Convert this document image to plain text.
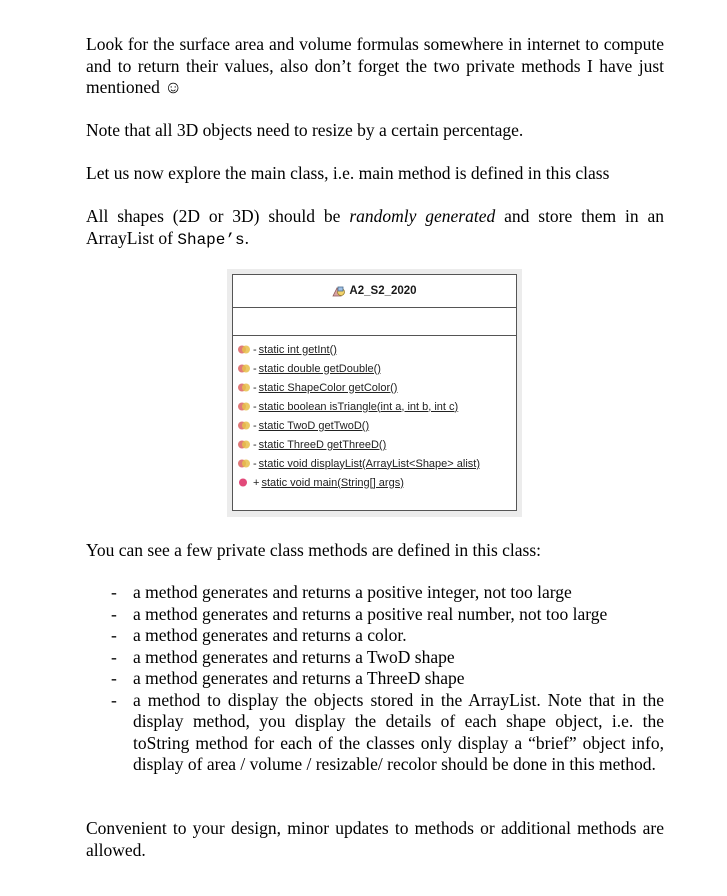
Look for the surface area and volume formulas somewhere in internet to compute and to return their values, also don’t forget the two private methods I have just mentioned ☺

Note that all 3D objects need to resize by a certain percentage.

Let us now explore the main class, i.e. main method is defined in this class

All shapes (2D or 3D) should be randomly generated and store them in an ArrayList of Shape’s.

A2_S2_2020
- static int getInt()
- static double getDouble()
- static ShapeColor getColor()
- static boolean isTriangle(int a, int b, int c)
- static TwoD getTwoD()
- static ThreeD getThreeD()
- static void displayList(ArrayList<Shape> alist)
+ static void main(String[] args)

You can see a few private class methods are defined in this class:

- a method generates and returns a positive integer, not too large
- a method generates and returns a positive real number, not too large
- a method generates and returns a color.
- a method generates and returns a TwoD shape
- a method generates and returns a ThreeD shape
- a method to display the objects stored in the ArrayList. Note that in the display method, you display the details of each shape object, i.e. the toString method for each of the classes only display a “brief” object info, display of area / volume / resizable/ recolor should be done in this method.

Convenient to your design, minor updates to methods or additional methods are allowed.
